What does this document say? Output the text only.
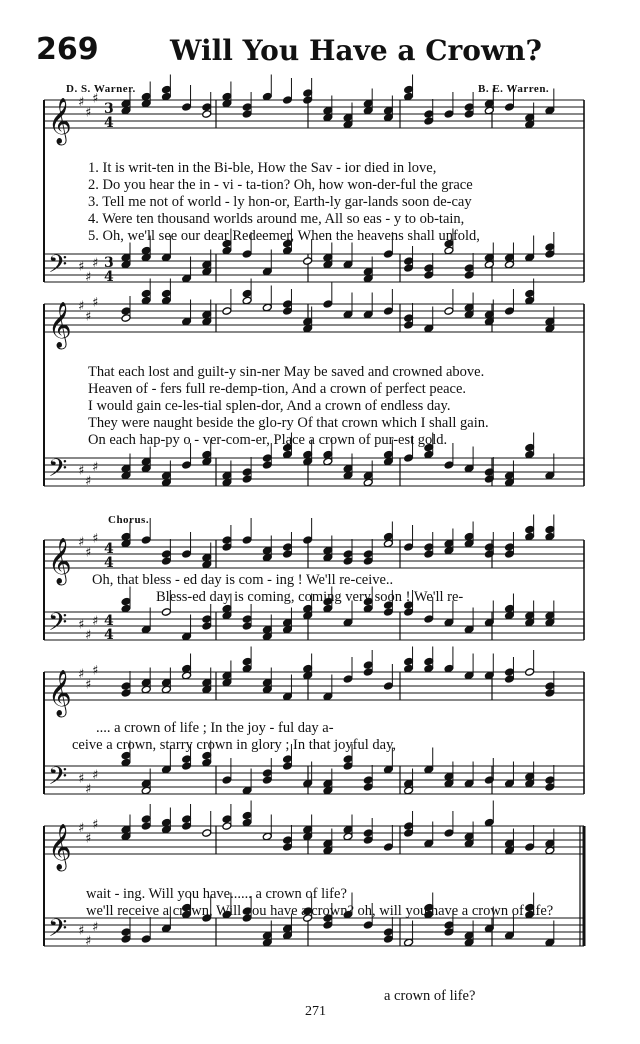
269	Will You Have a Crown?
D. S. Warner.	B. E. Warren.
𝄞 ♯
♯
♯
3
4
𝄢 ♯
♯
♯ 3
4
𝄞 ♯
♯
♯
𝄢 ♯
♯
♯
𝄞 ♯
♯
♯
4
4
𝄢 ♯
♯
♯ 4
4
𝄞 ♯
♯
♯
𝄢 ♯
♯
♯
𝄞 ♯
♯
♯
𝄢 ♯
♯
♯
1. It is writ-ten in the Bi-ble, How the Sav - ior died in love,
2. Do you hear the in - vi - ta-tion? Oh, how won-der-ful the grace
3. Tell me not of world - ly hon-or, Earth-ly gar-lands soon de-cay
4. Were ten thousand worlds around me, All so eas - y to ob-tain,
5. Oh, we'll see our dear Redeemer, When the heavens shall unfold,
That each lost and guilt-y sin-ner May be saved and crowned above.
Heaven of - fers full re-demp-tion, And a crown of perfect peace.
I would gain ce-les-tial splen-dor, And a crown of endless day.
They were naught beside the glo-ry Of that crown which I shall gain.
On each hap-py o - ver-com-er, Place a crown of pur-est gold.
Chorus.
Oh, that bless - ed day is com - ing ! We'll re-ceive..
Bless-ed day is coming, coming very soon ! We'll re-
.... a crown of life ; In the joy - ful day a-
ceive a crown, starry crown in glory ; In that joyful day,
wait - ing. Will you have...... a crown of life?
we'll receive a crown, Will you have a crown? oh, will you have a crown of life?
a crown of life?
271
